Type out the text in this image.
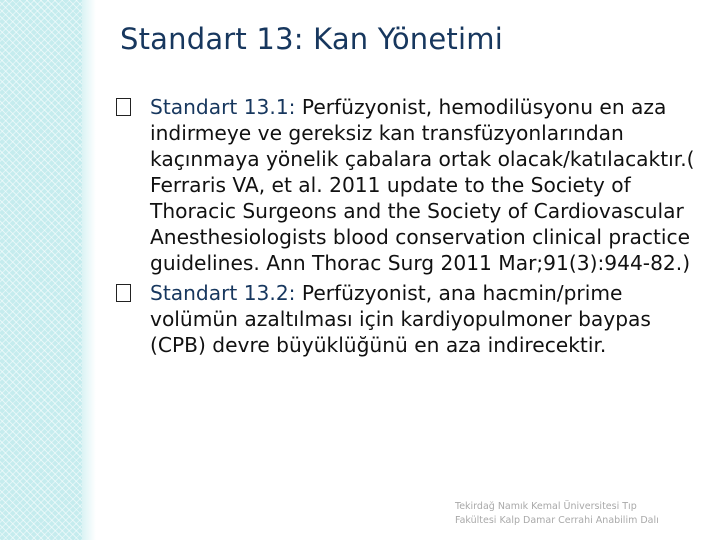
Standart 13: Kan Yönetimi
Standart 13.1: Perfüzyonist, hemodilüsyonu en aza indirmeye ve gereksiz kan transfüzyonlarından kaçınmaya yönelik çabalara ortak olacak/katılacaktır.( Ferraris VA, et al. 2011 update to the Society of Thoracic Surgeons and the Society of Cardiovascular Anesthesiologists blood conservation clinical practice guidelines. Ann Thorac Surg 2011 Mar;91(3):944-82.)
Standart 13.2: Perfüzyonist, ana hacmin/prime volümün azaltılması için kardiyopulmoner baypas (CPB) devre büyüklüğünü en aza indirecektir.
Tekirdağ Namık Kemal Üniversitesi Tıp
Fakültesi Kalp Damar Cerrahi Anabilim Dalı
